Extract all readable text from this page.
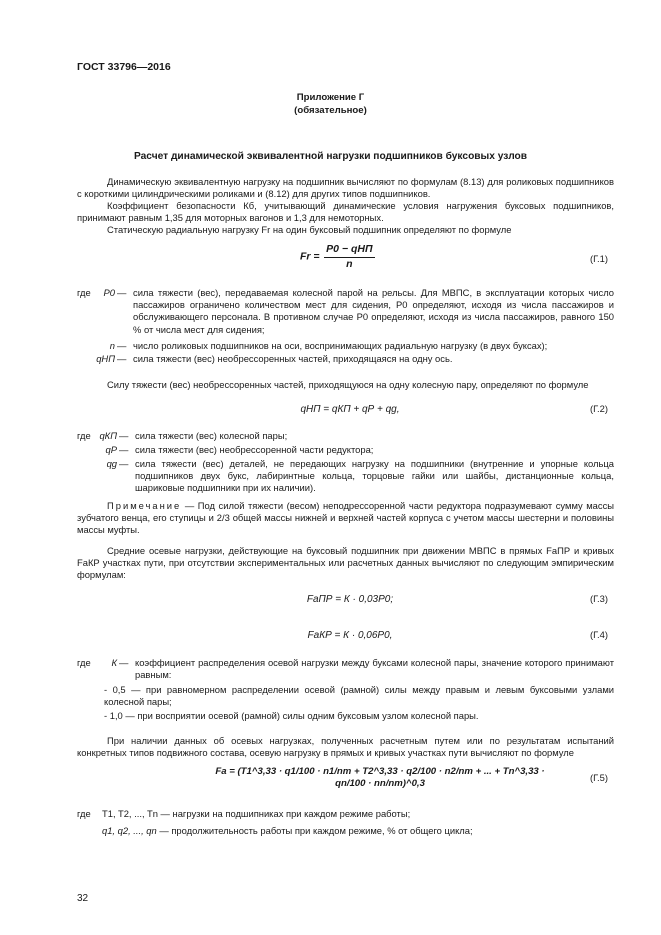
ГОСТ 33796—2016
Приложение Г
(обязательное)
Расчет динамической эквивалентной нагрузки подшипников буксовых узлов
Динамическую эквивалентную нагрузку на подшипник вычисляют по формулам (8.13) для роликовых подшипников с короткими цилиндрическими роликами и (8.12) для других типов подшипников.
Коэффициент безопасности Кб, учитывающий динамические условия нагружения буксовых подшипников, принимают равным 1,35 для моторных вагонов и 1,3 для немоторных.
Статическую радиальную нагрузку Fr на один буксовый подшипник определяют по формуле
$Fr = \frac{\text{P0 − qНП}}{n}$	(Г.1)
где	P0 — сила тяжести (вес), передаваемая колесной парой на рельсы. Для МВПС, в эксплуатации которых число пассажиров ограничено количеством мест для сидения, P0 определяют, исходя из числа пассажиров и обслуживающего персонала. В противном случае P0 определяют, исходя из числа пассажиров, равного 150 % от числа мест для сидения;
n — число роликовых подшипников на оси, воспринимающих радиальную нагрузку (в двух буксах);
qНП — сила тяжести (вес) необрессоренных частей, приходящаяся на одну ось.
Силу тяжести (вес) необрессоренных частей, приходящуюся на одну колесную пару, определяют по формуле
qНП = qКП + qР + qg,	(Г.2)
где qКП — сила тяжести (вес) колесной пары;
qР — сила тяжести (вес) необрессоренной части редуктора;
qg — сила тяжести (вес) деталей, не передающих нагрузку на подшипники (внутренние и упорные кольца подшипников двух букс, лабиринтные кольца, торцовые гайки или шайбы, дистанционные кольца, шариковые подшипники при их наличии).
Примечание — Под силой тяжести (весом) неподрессоренной части редуктора подразумевают сумму массы зубчатого венца, его ступицы и 2/3 общей массы нижней и верхней частей корпуса с учетом массы шестерни и половины массы муфты.
Средние осевые нагрузки, действующие на буксовый подшипник при движении МВПС в прямых FаПР и кривых FаКР участках пути, при отсутствии экспериментальных или расчетных данных вычисляют по следующим эмпирическим формулам:
FаПР = К · 0,03P0;	(Г.3)
FаКР = К · 0,06P0,	(Г.4)
где	К — коэффициент распределения осевой нагрузки между буксами колесной пары, значение которого принимают равным:
- 0,5 — при равномерном распределении осевой (рамной) силы между правым и левым буксовыми узлами колесной пары;
- 1,0 — при восприятии осевой (рамной) силы одним буксовым узлом колесной пары.
При наличии данных об осевых нагрузках, полученных расчетным путем или по результатам испытаний конкретных типов подвижного состава, осевую нагрузку в прямых и кривых участках пути вычисляют по формуле
Fa = (T1^3,33 · q1/100 · n1/nm + T2^3,33 · q2/100 · n2/nm + ... + Tn^3,33 · qn/100 · nn/nm)^0,3
(Г.5)
где T1, T2, ..., Tn — нагрузки на подшипниках при каждом режиме работы;
q1, q2, ..., qn — продолжительность работы при каждом режиме, % от общего цикла;
32
